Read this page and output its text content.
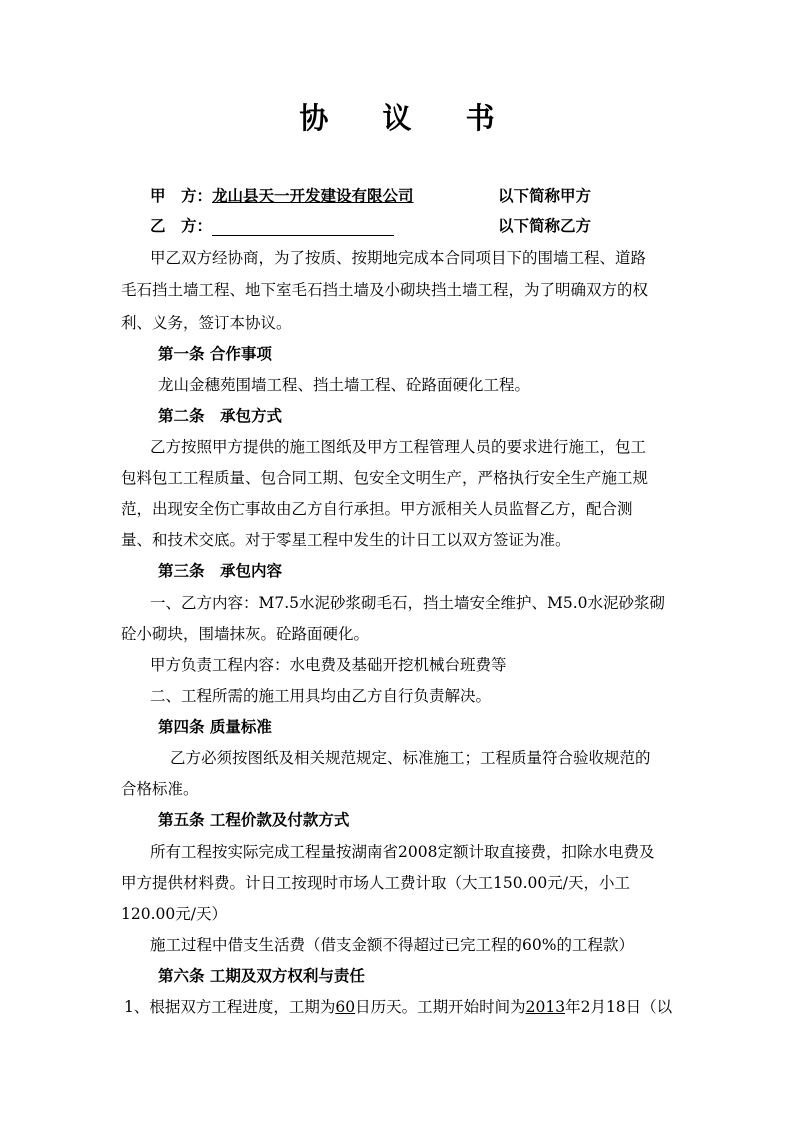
协 议 书
甲　方：龙山县天一开发建设有限公司	以下简称甲方
乙　方：	以下简称乙方
甲乙双方经协商，为了按质、按期地完成本合同项目下的围墙工程、道路
毛石挡土墙工程、地下室毛石挡土墙及小砌块挡土墙工程，为了明确双方的权
利、义务，签订本协议。
第一条 合作事项
龙山金穗苑围墙工程、挡土墙工程、砼路面硬化工程。
第二条　承包方式
乙方按照甲方提供的施工图纸及甲方工程管理人员的要求进行施工，包工
包料包工工程质量、包合同工期、包安全文明生产，严格执行安全生产施工规
范，出现安全伤亡事故由乙方自行承担。甲方派相关人员监督乙方，配合测
量、和技术交底。对于零星工程中发生的计日工以双方签证为准。
第三条　承包内容
一、乙方内容：M7.5水泥砂浆砌毛石，挡土墙安全维护、M5.0水泥砂浆砌
砼小砌块，围墙抹灰。砼路面硬化。
甲方负责工程内容：水电费及基础开挖机械台班费等
二、工程所需的施工用具均由乙方自行负责解决。
第四条 质量标准
乙方必须按图纸及相关规范规定、标准施工；工程质量符合验收规范的
合格标准。
第五条 工程价款及付款方式
所有工程按实际完成工程量按湖南省2008定额计取直接费，扣除水电费及
甲方提供材料费。计日工按现时市场人工费计取（大工150.00元/天，小工
120.00元/天）
施工过程中借支生活费（借支金额不得超过已完工程的60%的工程款）
第六条 工期及双方权利与责任
1、根据双方工程进度，工期为60日历天。工期开始时间为2013年2月18日（以
